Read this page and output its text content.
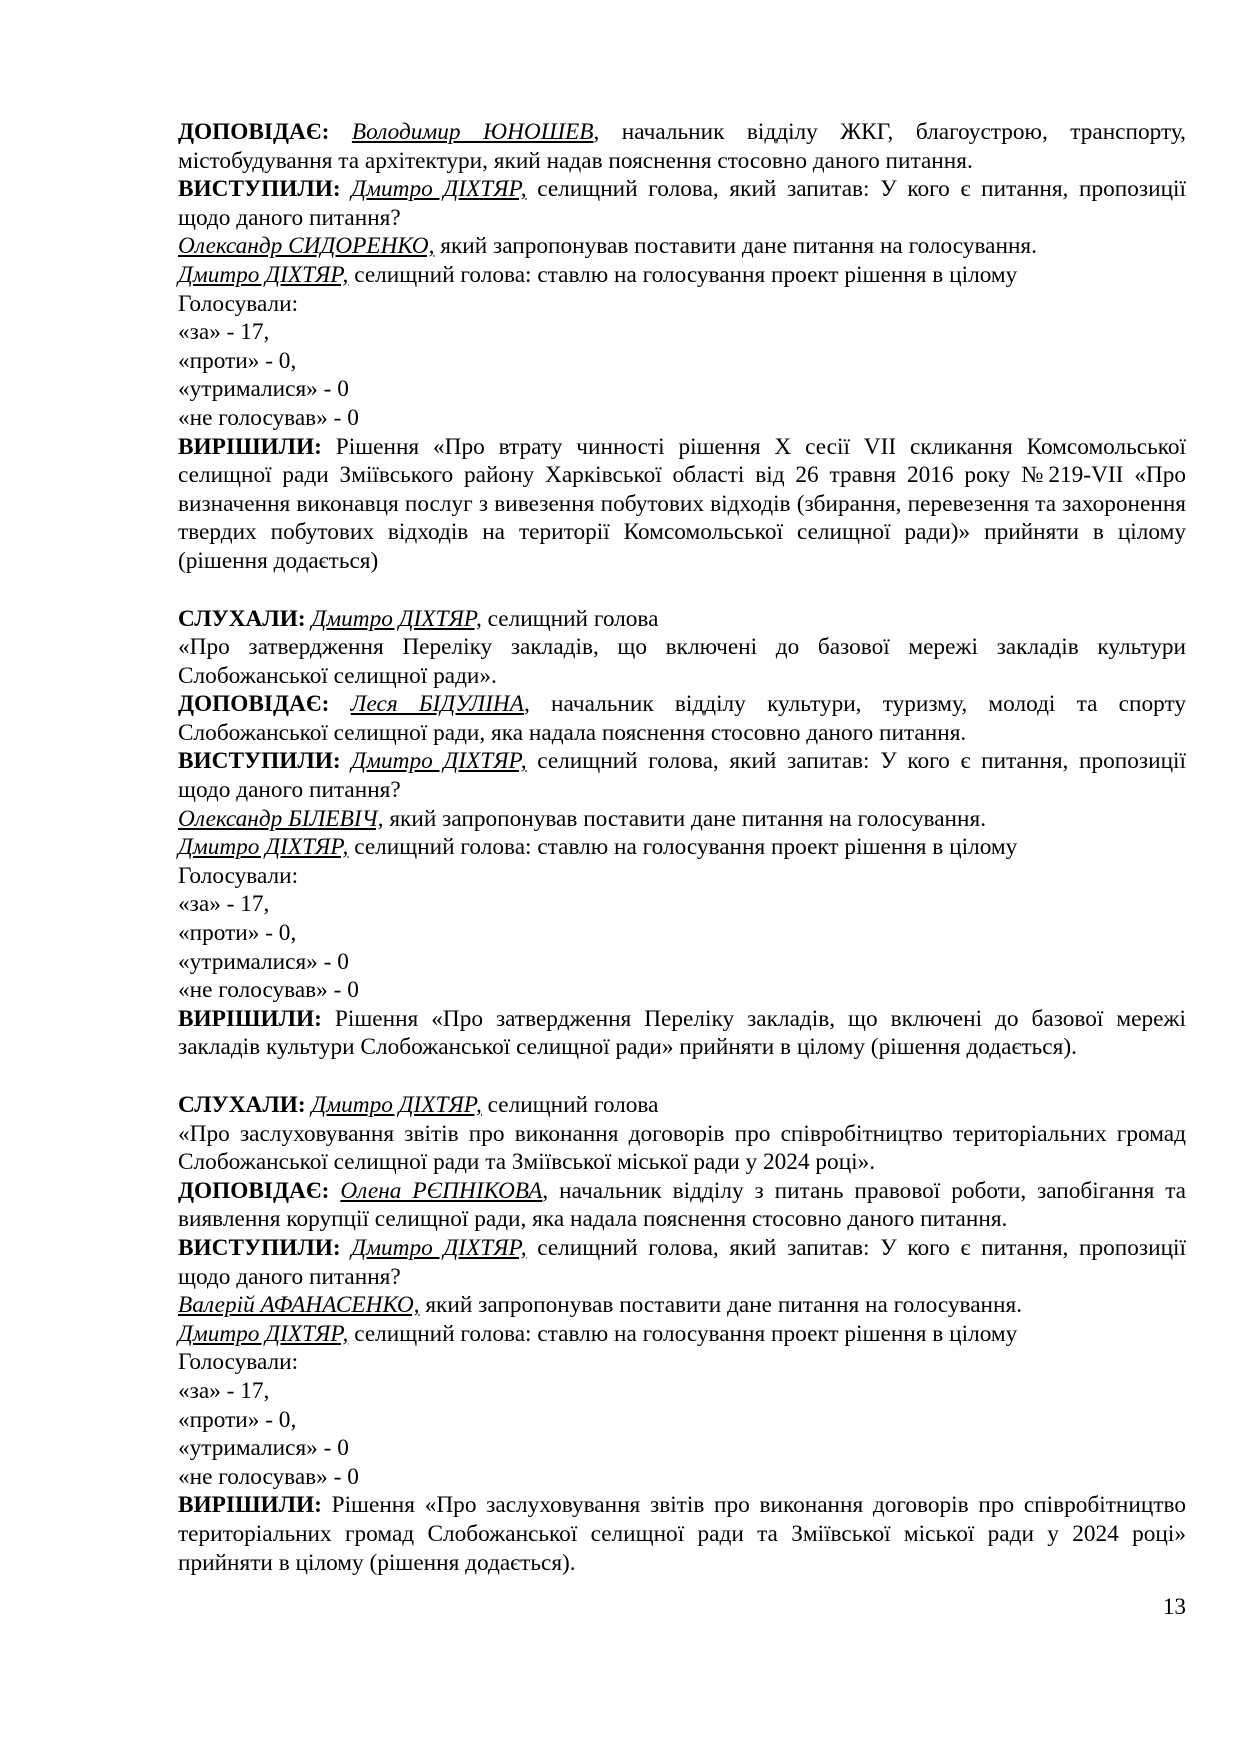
ДОПОВІДАЄ: Володимир ЮНОШЕВ, начальник відділу ЖКГ, благоустрою, транспорту, містобудування та архітектури, який надав пояснення стосовно даного питання.

ВИСТУПИЛИ: Дмитро ДІХТЯР, селищний голова, який запитав: У кого є питання, пропозиції щодо даного питання?

Олександр СИДОРЕНКО, який запропонував поставити дане питання на голосування.

Дмитро ДІХТЯР, селищний голова: ставлю на голосування проект рішення в цілому

Голосували:

«за» - 17,

«проти» - 0,

«утрималися» - 0

«не голосував» - 0

ВИРІШИЛИ: Рішення «Про втрату чинності рішення Х сесії VІІ скликання Комсомольської селищної ради Зміївського району Харківської області від 26 травня 2016 року №219-VІІ «Про визначення виконавця послуг з вивезення побутових відходів (збирання, перевезення та захоронення твердих побутових відходів на території Комсомольської селищної ради)» прийняти в цілому (рішення додається)

СЛУХАЛИ: Дмитро ДІХТЯР, селищний голова

«Про затвердження Переліку закладів, що включені до базової мережі закладів культури Слобожанської селищної ради».

ДОПОВІДАЄ: Леся БІДУЛІНА, начальник відділу культури, туризму, молоді та спорту Слобожанської селищної ради, яка надала пояснення стосовно даного питання.

ВИСТУПИЛИ: Дмитро ДІХТЯР, селищний голова, який запитав: У кого є питання, пропозиції щодо даного питання?

Олександр БІЛЕВІЧ, який запропонував поставити дане питання на голосування.

Дмитро ДІХТЯР, селищний голова: ставлю на голосування проект рішення в цілому

Голосували:

«за» - 17,

«проти» - 0,

«утрималися» - 0

«не голосував» - 0

ВИРІШИЛИ: Рішення «Про затвердження Переліку закладів, що включені до базової мережі закладів культури Слобожанської селищної ради» прийняти в цілому (рішення додається).

СЛУХАЛИ: Дмитро ДІХТЯР, селищний голова

«Про заслуховування звітів про виконання договорів про співробітництво територіальних громад Слобожанської селищної ради та Зміївської міської ради у 2024 році».

ДОПОВІДАЄ: Олена РЄПНІКОВА, начальник відділу з питань правової роботи, запобігання та виявлення корупції селищної ради, яка надала пояснення стосовно даного питання.

ВИСТУПИЛИ: Дмитро ДІХТЯР, селищний голова, який запитав: У кого є питання, пропозиції щодо даного питання?

Валерій АФАНАСЕНКО, який запропонував поставити дане питання на голосування.

Дмитро ДІХТЯР, селищний голова: ставлю на голосування проект рішення в цілому

Голосували:

«за» - 17,

«проти» - 0,

«утрималися» - 0

«не голосував» - 0

ВИРІШИЛИ: Рішення «Про заслуховування звітів про виконання договорів про співробітництво територіальних громад Слобожанської селищної ради та Зміївської міської ради у 2024 році» прийняти в цілому (рішення додається).

13
